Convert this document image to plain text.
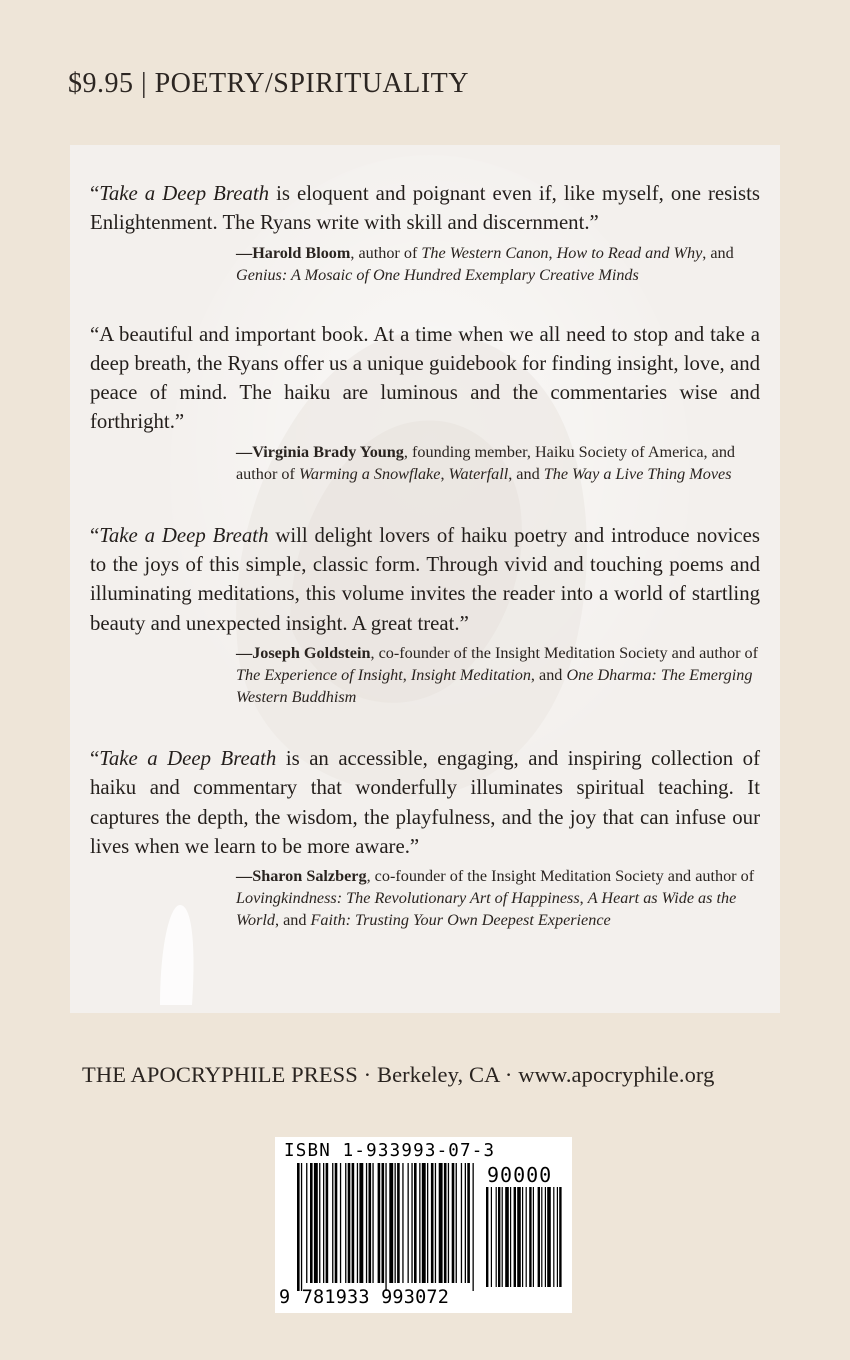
$9.95 | POETRY/SPIRITUALITY

“Take a Deep Breath is eloquent and poignant even if, like myself, one resists Enlightenment. The Ryans write with skill and discernment.”

—Harold Bloom, author of The Western Canon, How to Read and Why, and Genius: A Mosaic of One Hundred Exemplary Creative Minds

“A beautiful and important book. At a time when we all need to stop and take a deep breath, the Ryans offer us a unique guidebook for finding insight, love, and peace of mind. The haiku are luminous and the commentaries wise and forthright.”

—Virginia Brady Young, founding member, Haiku Society of America, and author of Warming a Snowflake, Waterfall, and The Way a Live Thing Moves

“Take a Deep Breath will delight lovers of haiku poetry and introduce novices to the joys of this simple, classic form. Through vivid and touching poems and illuminating meditations, this volume invites the reader into a world of startling beauty and unexpected insight. A great treat.”

—Joseph Goldstein, co-founder of the Insight Meditation Society and author of The Experience of Insight, Insight Meditation, and One Dharma: The Emerging Western Buddhism

“Take a Deep Breath is an accessible, engaging, and inspiring collection of haiku and commentary that wonderfully illuminates spiritual teaching. It captures the depth, the wisdom, the playfulness, and the joy that can infuse our lives when we learn to be more aware.”

—Sharon Salzberg, co-founder of the Insight Meditation Society and author of Lovingkindness: The Revolutionary Art of Happiness, A Heart as Wide as the World, and Faith: Trusting Your Own Deepest Experience
THE APOCRYPHILE PRESS · Berkeley, CA · www.apocryphile.org
ISBN 1-933993-07-3
90000
9 781933 993072
